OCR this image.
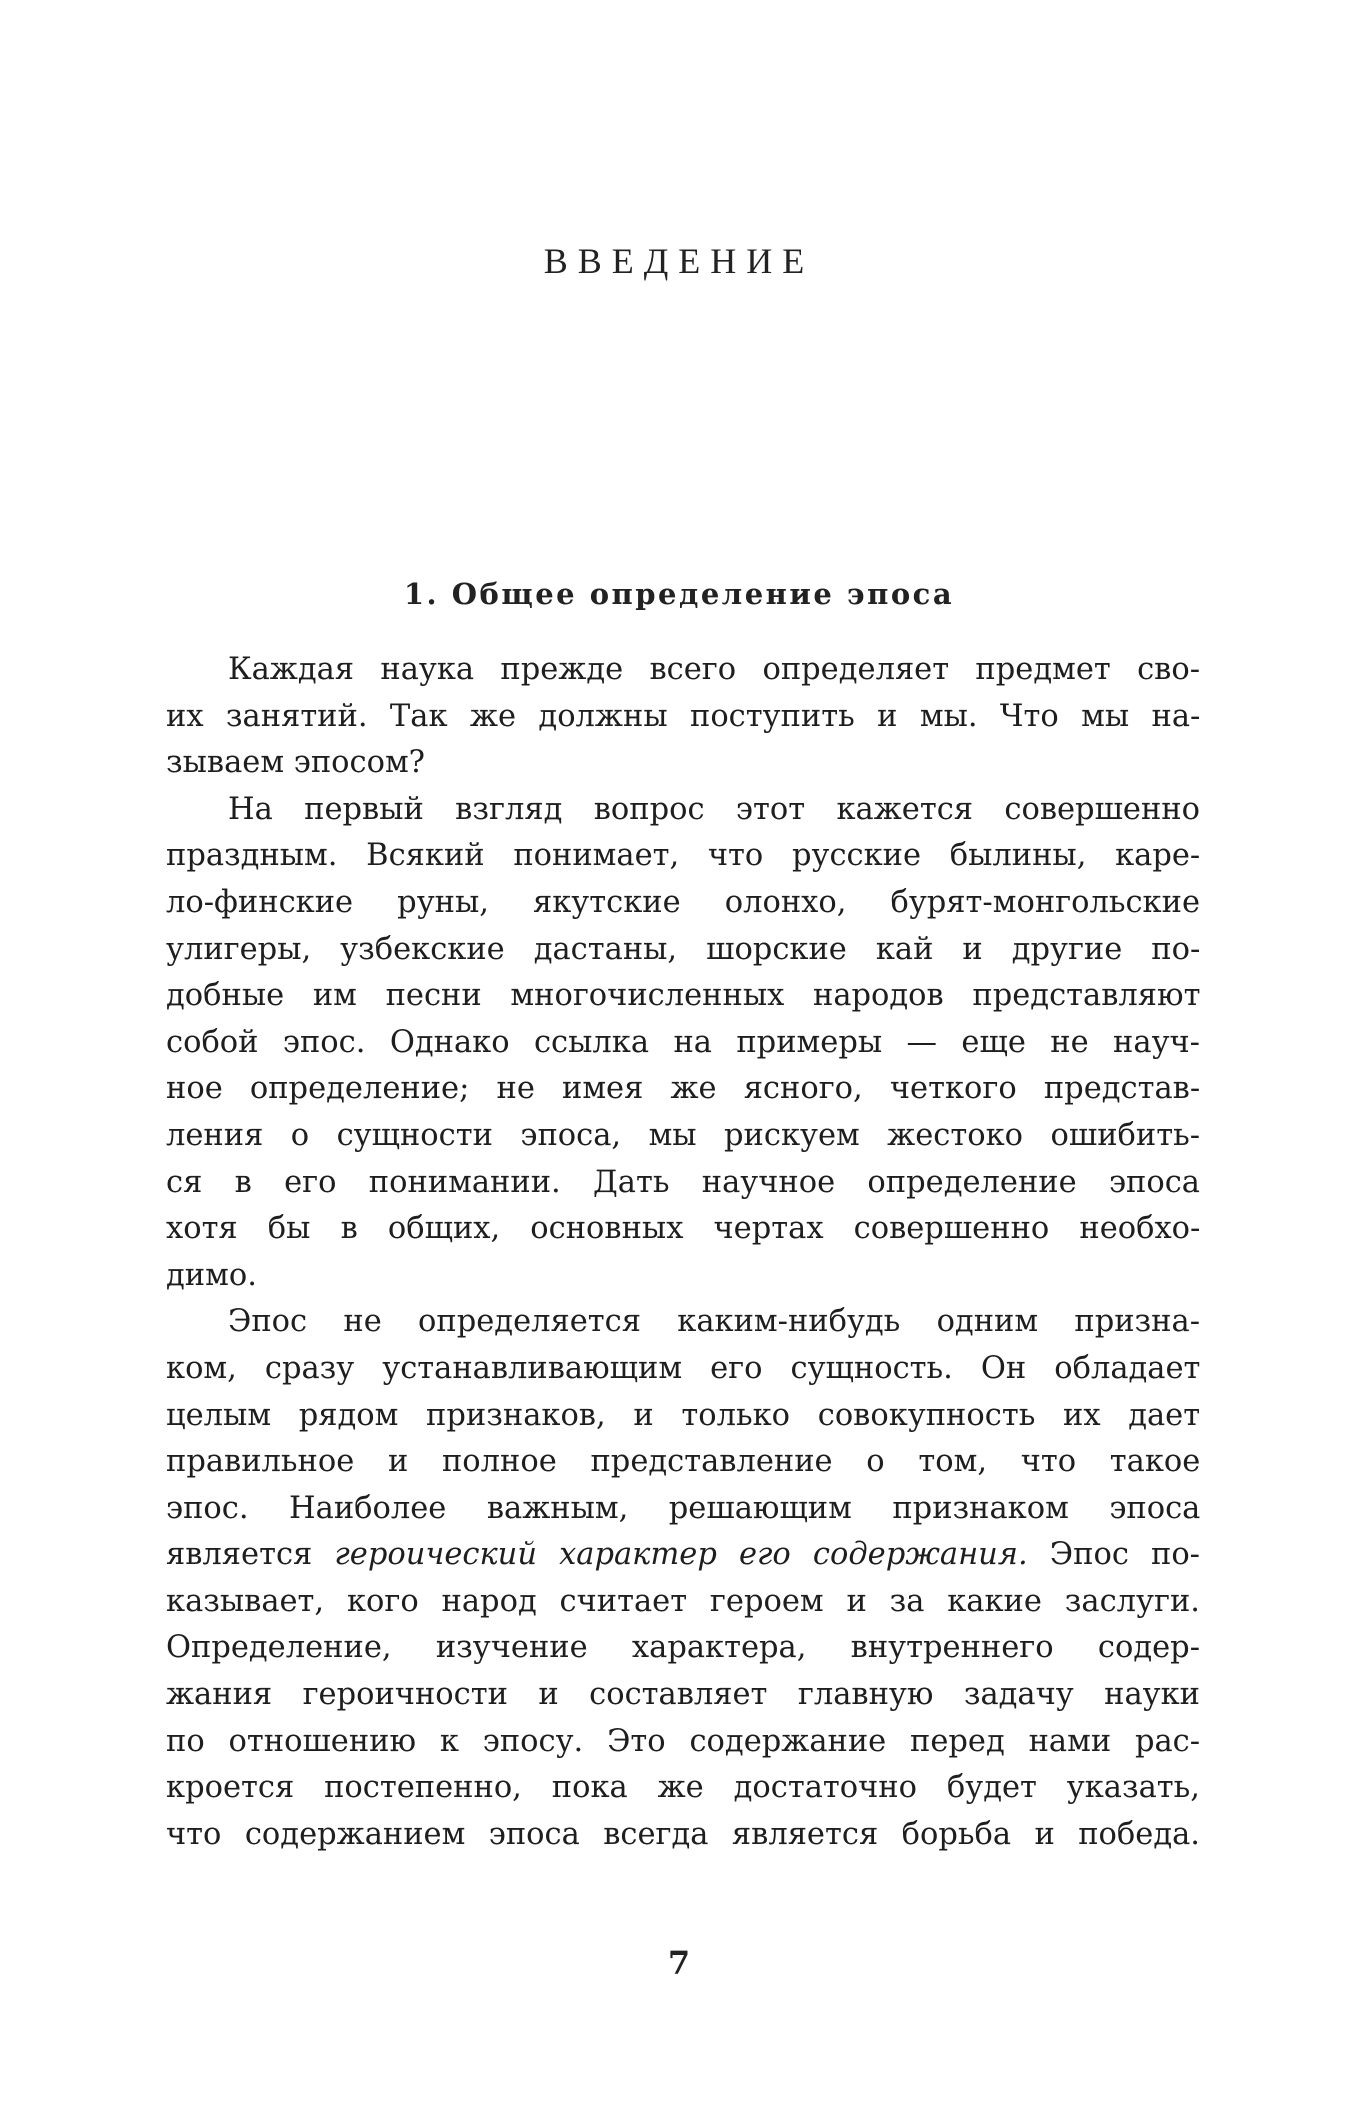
ВВЕДЕНИЕ
1. Общее определение эпоса

Каждая наука прежде всего определяет предмет сво-
их занятий. Так же должны поступить и мы. Что мы на-
зываем эпосом?

На первый взгляд вопрос этот кажется совершенно
праздным. Всякий понимает, что русские былины, каре-
ло-финские руны, якутские олонхо, бурят-монгольские
улигеры, узбекские дастаны, шорские кай и другие по-
добные им песни многочисленных народов представляют
собой эпос. Однако ссылка на примеры — еще не науч-
ное определение; не имея же ясного, четкого представ-
ления о сущности эпоса, мы рискуем жестоко ошибить-
ся в его понимании. Дать научное определение эпоса
хотя бы в общих, основных чертах совершенно необхо-
димо.

Эпос не определяется каким-нибудь одним призна-
ком, сразу устанавливающим его сущность. Он обладает
целым рядом признаков, и только совокупность их дает
правильное и полное представление о том, что такое
эпос. Наиболее важным, решающим признаком эпоса
является героический характер его содержания. Эпос по-
казывает, кого народ считает героем и за какие заслуги.
Определение, изучение характера, внутреннего содер-
жания героичности и составляет главную задачу науки
по отношению к эпосу. Это содержание перед нами рас-
кроется постепенно, пока же достаточно будет указать,
что содержанием эпоса всегда является борьба и победа.

7
